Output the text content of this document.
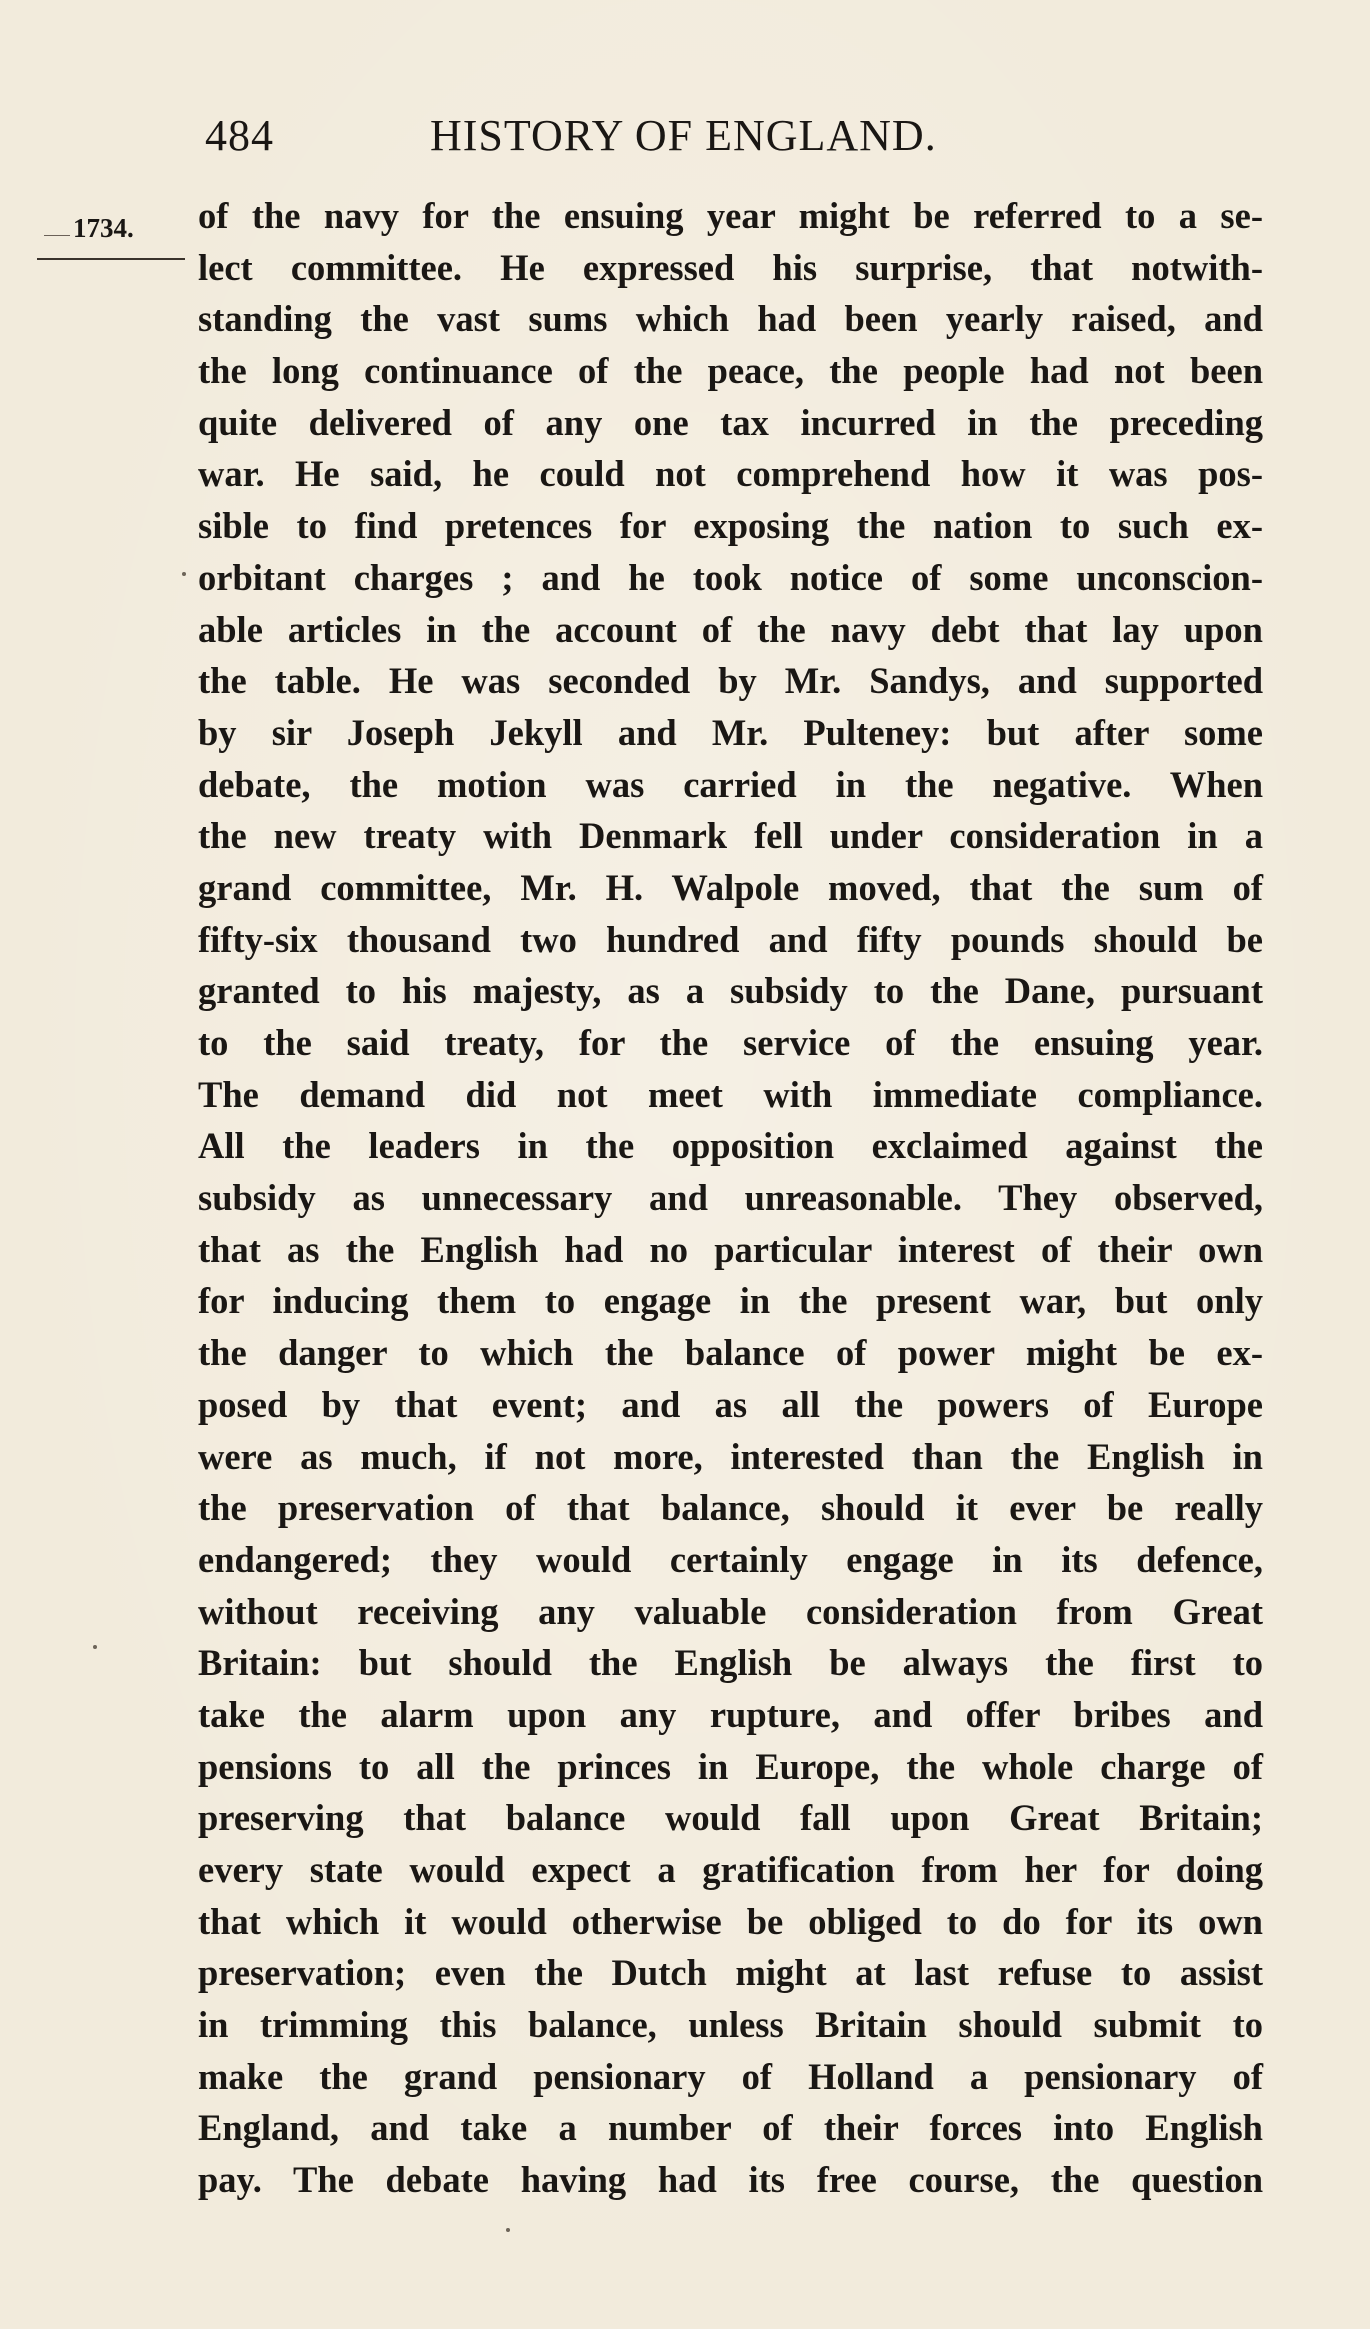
484	HISTORY OF ENGLAND.
1734. of the navy for the ensuing year might be referred to a se-
lect committee. He expressed his surprise, that notwith-
standing the vast sums which had been yearly raised, and
the long continuance of the peace, the people had not been
quite delivered of any one tax incurred in the preceding
war. He said, he could not comprehend how it was pos-
sible to find pretences for exposing the nation to such ex-
orbitant charges ; and he took notice of some unconscion-
able articles in the account of the navy debt that lay upon
the table. He was seconded by Mr. Sandys, and supported
by sir Joseph Jekyll and Mr. Pulteney: but after some
debate, the motion was carried in the negative. When
the new treaty with Denmark fell under consideration in a
grand committee, Mr. H. Walpole moved, that the sum of
fifty-six thousand two hundred and fifty pounds should be
granted to his majesty, as a subsidy to the Dane, pursuant
to the said treaty, for the service of the ensuing year.
The demand did not meet with immediate compliance.
All the leaders in the opposition exclaimed against the
subsidy as unnecessary and unreasonable. They observed,
that as the English had no particular interest of their own
for inducing them to engage in the present war, but only
the danger to which the balance of power might be ex-
posed by that event; and as all the powers of Europe
were as much, if not more, interested than the English in
the preservation of that balance, should it ever be really
endangered; they would certainly engage in its defence,
without receiving any valuable consideration from Great
Britain: but should the English be always the first to
take the alarm upon any rupture, and offer bribes and
pensions to all the princes in Europe, the whole charge of
preserving that balance would fall upon Great Britain;
every state would expect a gratification from her for doing
that which it would otherwise be obliged to do for its own
preservation; even the Dutch might at last refuse to assist
in trimming this balance, unless Britain should submit to
make the grand pensionary of Holland a pensionary of
England, and take a number of their forces into English
pay. The debate having had its free course, the question
